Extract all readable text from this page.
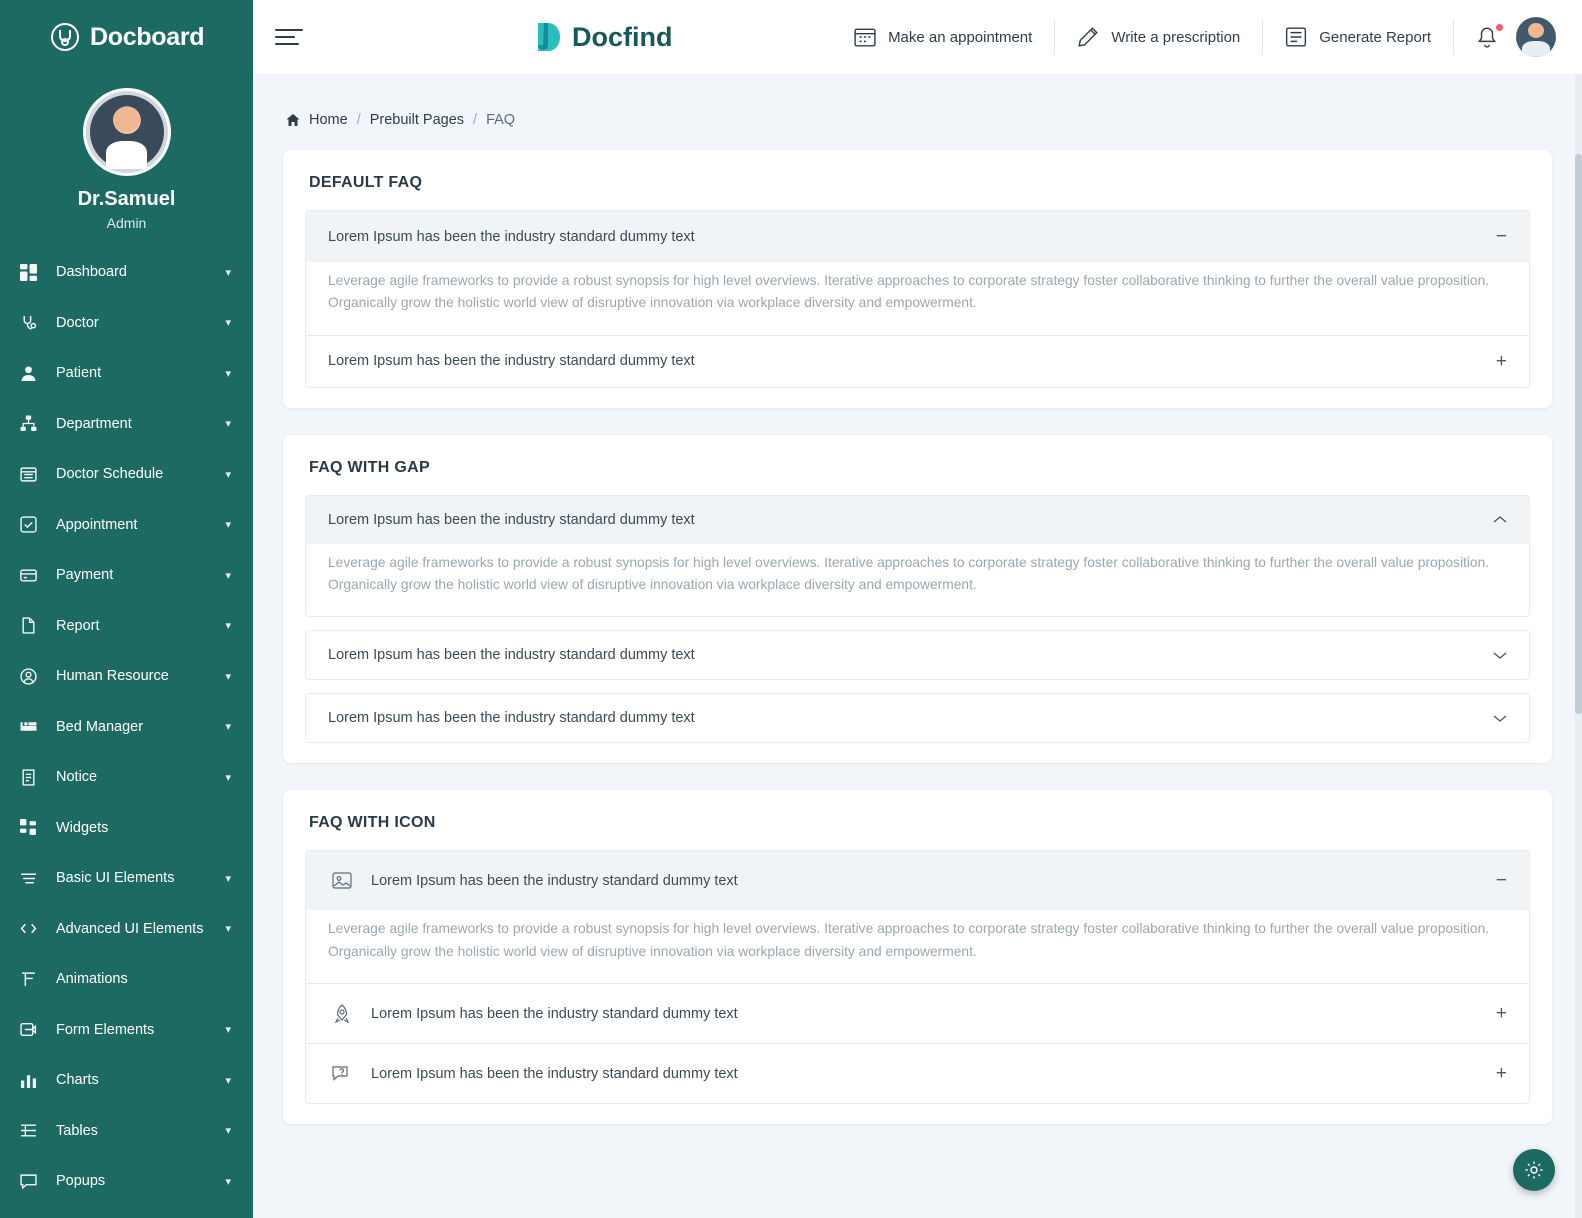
Docboard
Dr.Samuel
Admin
Dashboard	▾
Doctor	▾
Patient	▾
Department	▾
Doctor Schedule	▾
Appointment	▾
Payment	▾
Report	▾
Human Resource	▾
Bed Manager	▾
Notice	▾
Widgets
Basic UI Elements	▾
Advanced UI Elements	▾
Animations
Form Elements	▾
Charts	▾
Tables	▾
Popups	▾
Docfind	Make an appointment	Write a prescription	Generate Report
Home / Prebuilt Pages / FAQ
DEFAULT FAQ
Lorem Ipsum has been the industry standard dummy text	−
Leverage agile frameworks to provide a robust synopsis for high level overviews. Iterative approaches to corporate strategy foster collaborative thinking to further the overall value proposition. Organically grow the holistic world view of disruptive innovation via workplace diversity and empowerment.
Lorem Ipsum has been the industry standard dummy text	+
FAQ WITH GAP
Lorem Ipsum has been the industry standard dummy text
Leverage agile frameworks to provide a robust synopsis for high level overviews. Iterative approaches to corporate strategy foster collaborative thinking to further the overall value proposition. Organically grow the holistic world view of disruptive innovation via workplace diversity and empowerment.
Lorem Ipsum has been the industry standard dummy text
Lorem Ipsum has been the industry standard dummy text
FAQ WITH ICON
Lorem Ipsum has been the industry standard dummy text	−
Leverage agile frameworks to provide a robust synopsis for high level overviews. Iterative approaches to corporate strategy foster collaborative thinking to further the overall value proposition. Organically grow the holistic world view of disruptive innovation via workplace diversity and empowerment.
Lorem Ipsum has been the industry standard dummy text	+
Lorem Ipsum has been the industry standard dummy text	+
